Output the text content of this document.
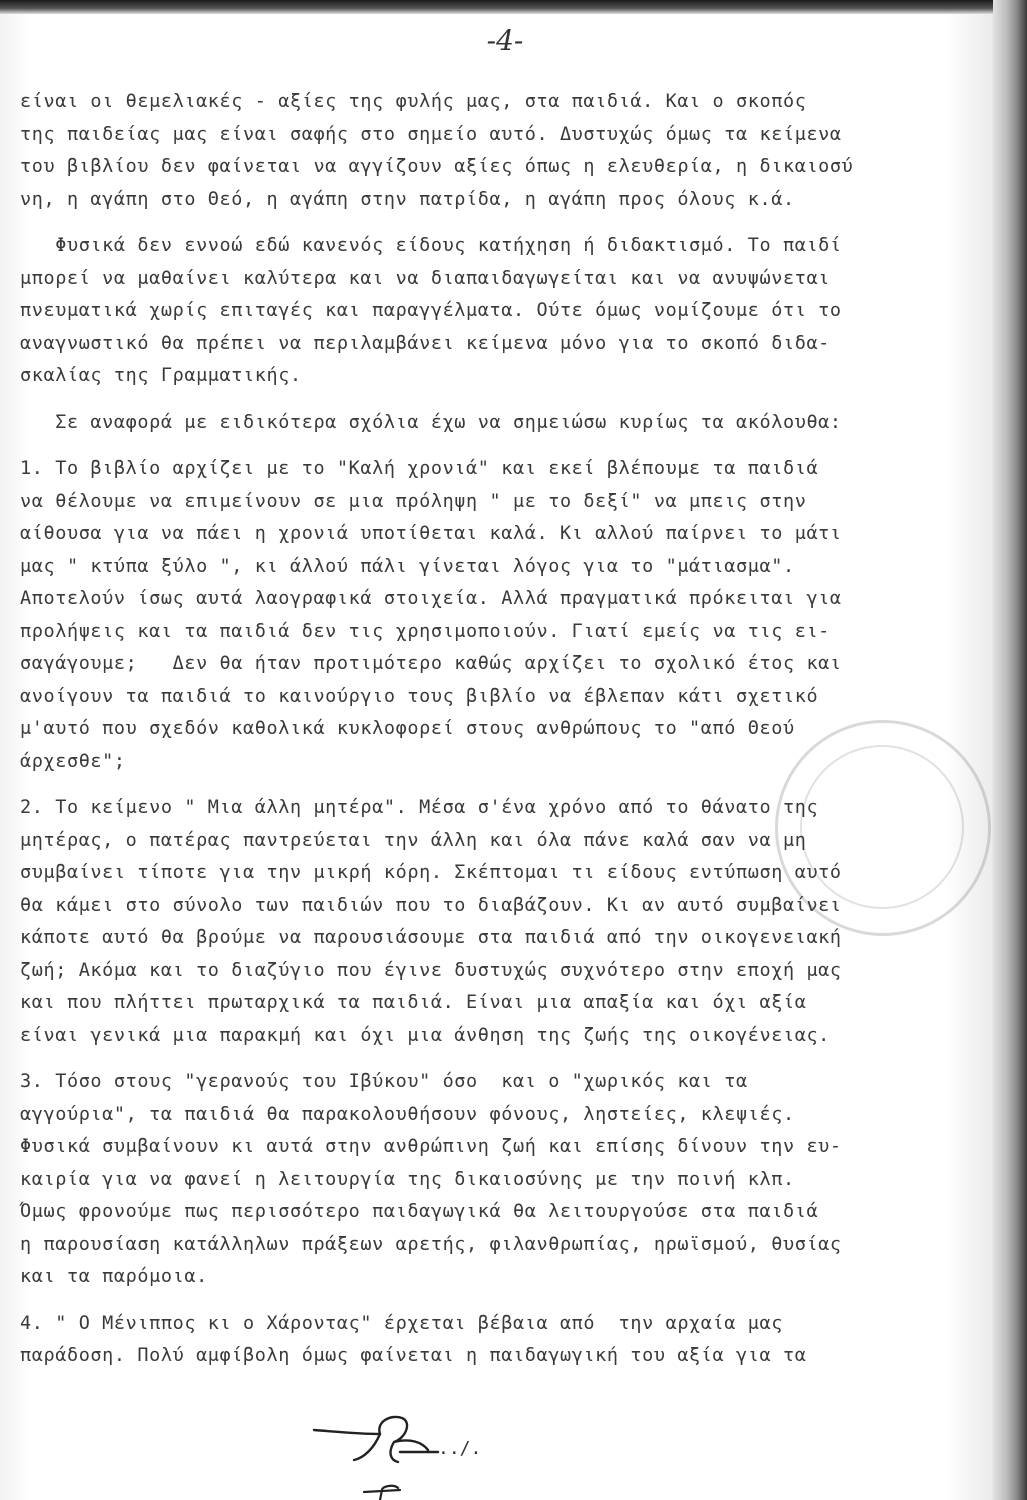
-4-
είναι οι θεμελιακές - αξίες της φυλής μας, στα παιδιά. Και ο σκοπός
της παιδείας μας είναι σαφής στο σημείο αυτό. Δυστυχώς όμως τα κείμενα
του βιβλίου δεν φαίνεται να αγγίζουν αξίες όπως η ελευθερία, η δικαιοσύ
νη, η αγάπη στο Θεό, η αγάπη στην πατρίδα, η αγάπη προς όλους κ.ά.
Φυσικά δεν εννοώ εδώ κανενός είδους κατήχηση ή διδακτισμό. Το παιδί
μπορεί να μαθαίνει καλύτερα και να διαπαιδαγωγείται και να ανυψώνεται
πνευματικά χωρίς επιταγές και παραγγέλματα. Ούτε όμως νομίζουμε ότι το
αναγνωστικό θα πρέπει να περιλαμβάνει κείμενα μόνο για το σκοπό διδα-
σκαλίας της Γραμματικής.
Σε αναφορά με ειδικότερα σχόλια έχω να σημειώσω κυρίως τα ακόλουθα:
1. Το βιβλίο αρχίζει με το "Καλή χρονιά" και εκεί βλέπουμε τα παιδιά
να θέλουμε να επιμείνουν σε μια πρόληψη " με το δεξί" να μπεις στην
αίθουσα για να πάει η χρονιά υποτίθεται καλά. Κι αλλού παίρνει το μάτι
μας " κτύπα ξύλο ", κι άλλού πάλι γίνεται λόγος για το "μάτιασμα".
Αποτελούν ίσως αυτά λαογραφικά στοιχεία. Αλλά πραγματικά πρόκειται για
προλήψεις και τα παιδιά δεν τις χρησιμοποιούν. Γιατί εμείς να τις ει-
σαγάγουμε;   Δεν θα ήταν προτιμότερο καθώς αρχίζει το σχολικό έτος και
ανοίγουν τα παιδιά το καινούργιο τους βιβλίο να έβλεπαν κάτι σχετικό
μ'αυτό που σχεδόν καθολικά κυκλοφορεί στους ανθρώπους το "από Θεού
άρχεσθε";
2. Το κείμενο " Μια άλλη μητέρα". Μέσα σ'ένα χρόνο από το θάνατο της
μητέρας, ο πατέρας παντρεύεται την άλλη και όλα πάνε καλά σαν να μη
συμβαίνει τίποτε για την μικρή κόρη. Σκέπτομαι τι είδους εντύπωση αυτό
θα κάμει στο σύνολο των παιδιών που το διαβάζουν. Κι αν αυτό συμβαίνει
κάποτε αυτό θα βρούμε να παρουσιάσουμε στα παιδιά από την οικογενειακή
ζωή; Ακόμα και το διαζύγιο που έγινε δυστυχώς συχνότερο στην εποχή μας
και που πλήττει πρωταρχικά τα παιδιά. Είναι μια απαξία και όχι αξία
είναι γενικά μια παρακμή και όχι μια άνθηση της ζωής της οικογένειας.
3. Τόσο στους "γερανούς του Ιβύκου" όσο  και ο "χωρικός και τα
αγγούρια", τα παιδιά θα παρακολουθήσουν φόνους, ληστείες, κλεψιές.
Φυσικά συμβαίνουν κι αυτά στην ανθρώπινη ζωή και επίσης δίνουν την ευ-
καιρία για να φανεί η λειτουργία της δικαιοσύνης με την ποινή κλπ.
Όμως φρονούμε πως περισσότερο παιδαγωγικά θα λειτουργούσε στα παιδιά
η παρουσίαση κατάλληλων πράξεων αρετής, φιλανθρωπίας, ηρωϊσμού, θυσίας
και τα παρόμοια.
4. " Ο Μένιππος κι ο Χάροντας" έρχεται βέβαια από  την αρχαία μας
παράδοση. Πολύ αμφίβολη όμως φαίνεται η παιδαγωγική του αξία για τα
../.
